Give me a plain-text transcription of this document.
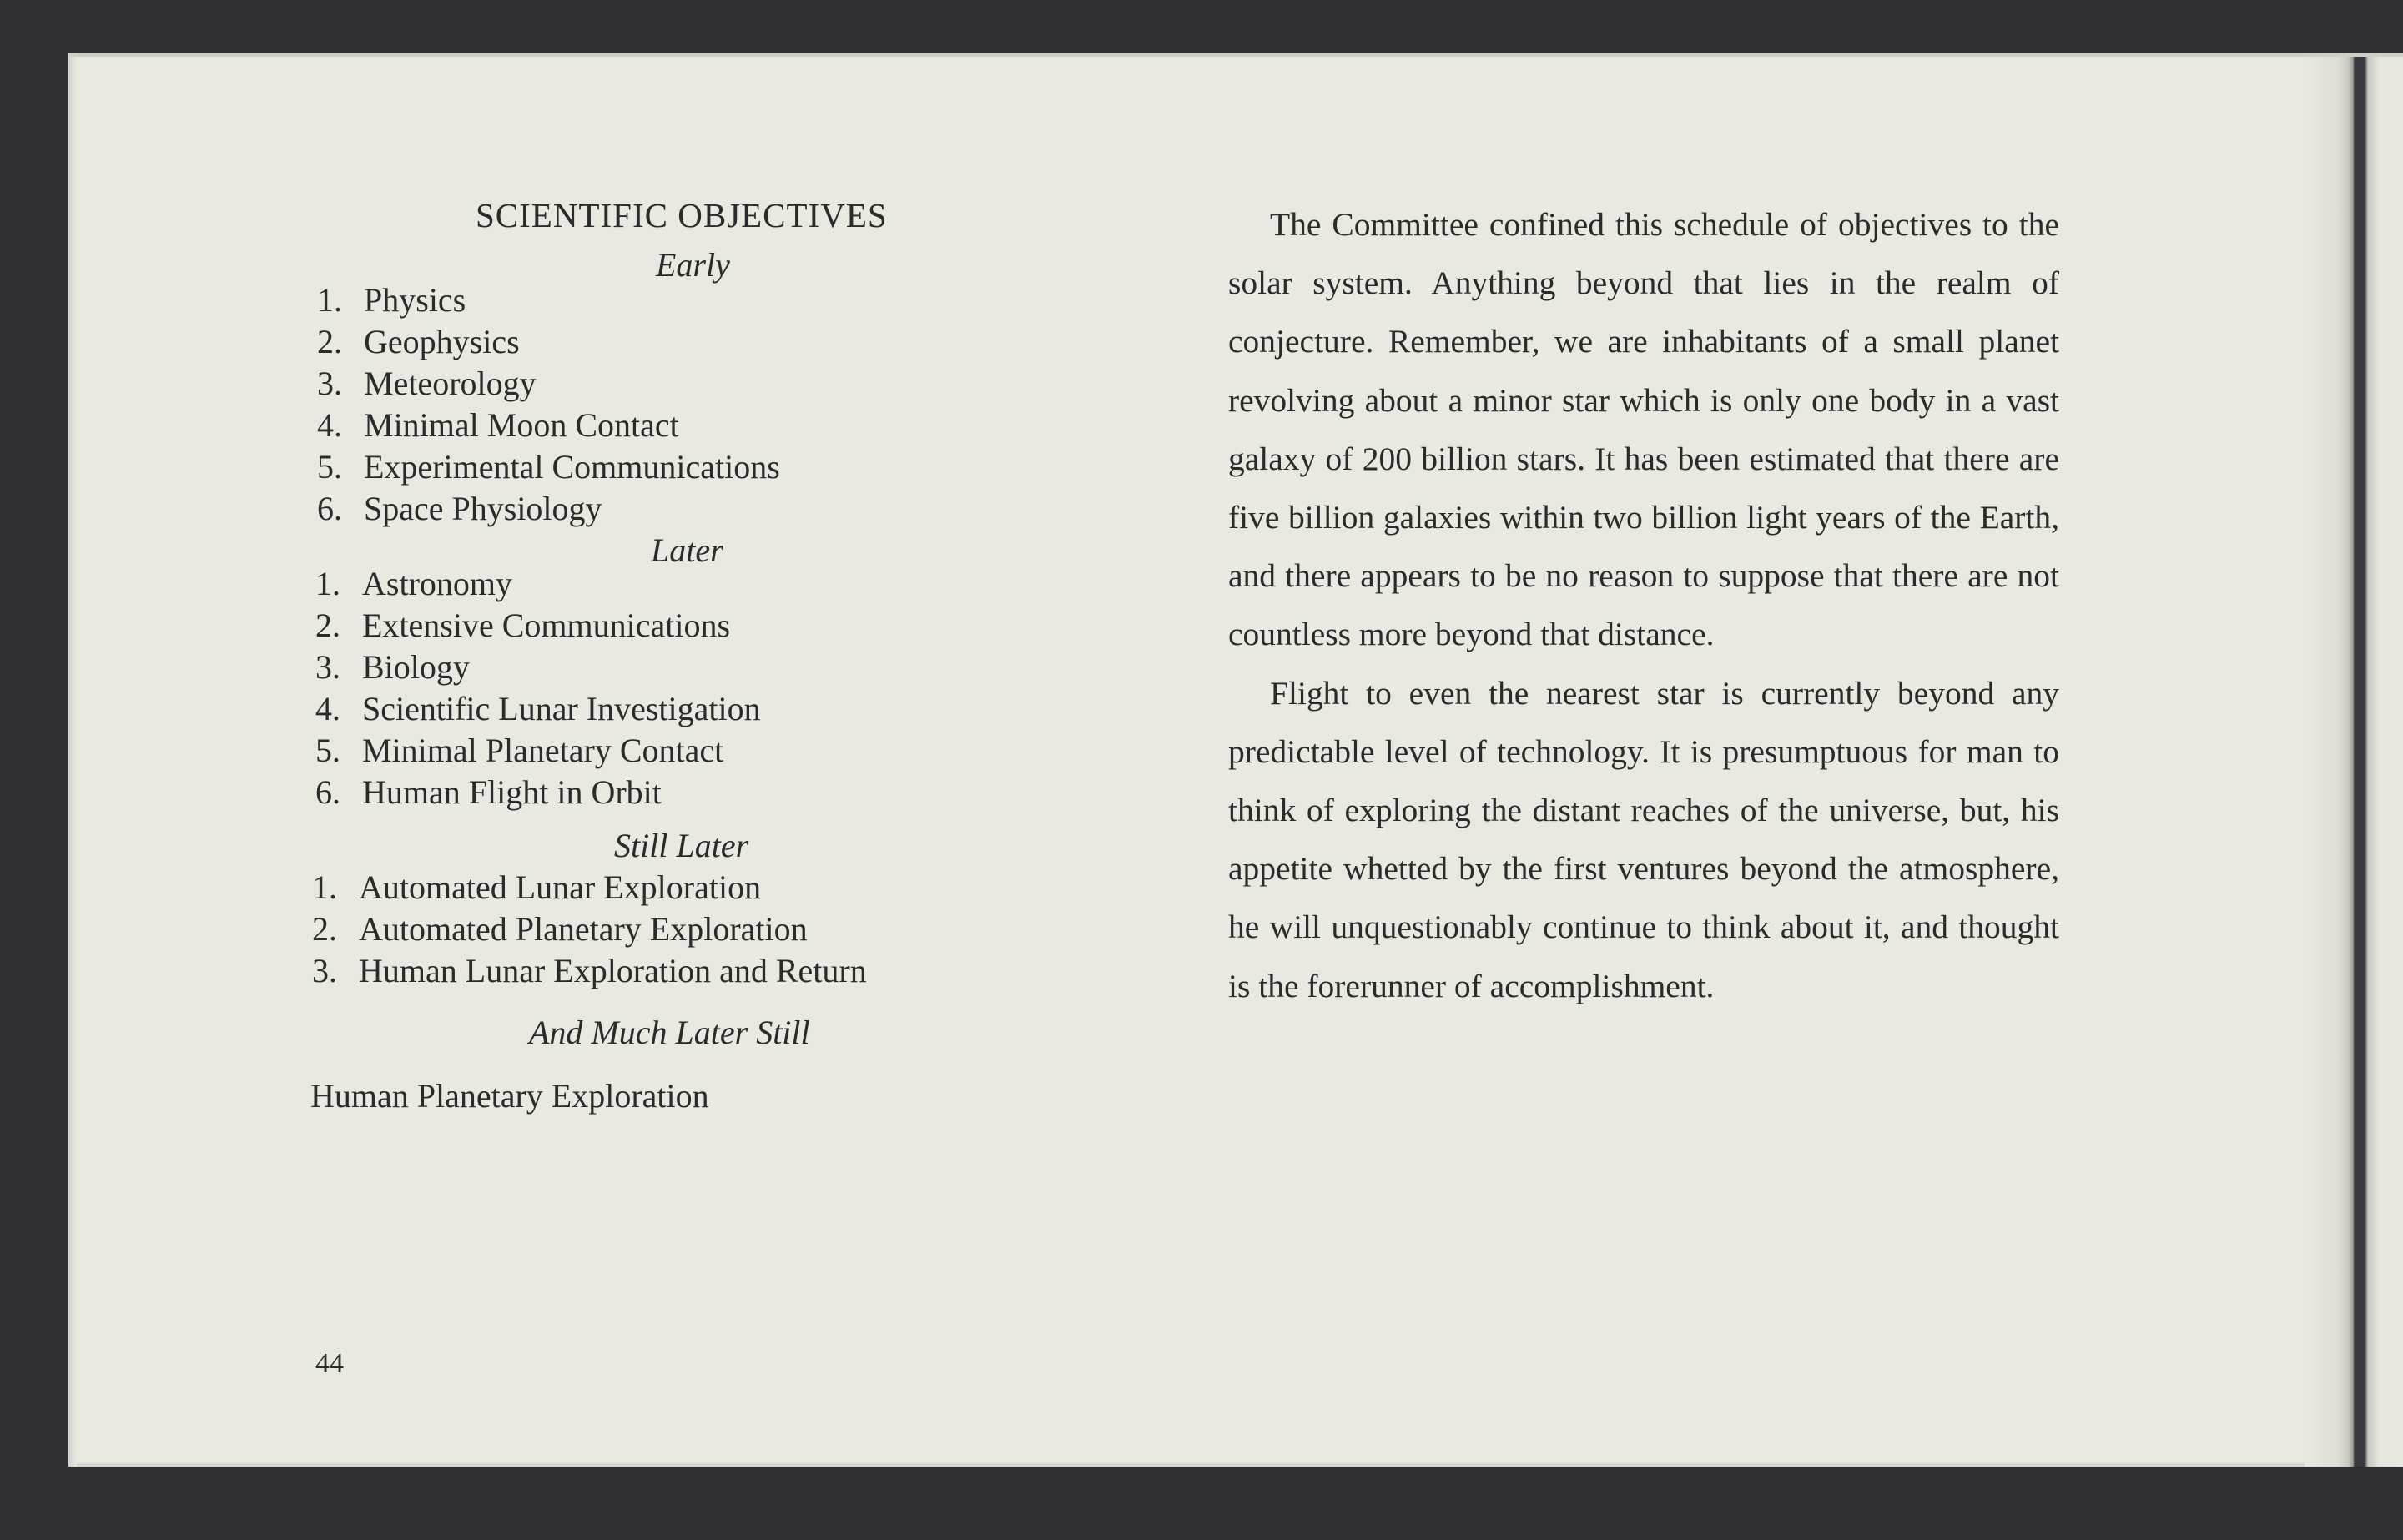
SCIENTIFIC OBJECTIVES
Early
1. Physics
2. Geophysics
3. Meteorology
4. Minimal Moon Contact
5. Experimental Communications
6. Space Physiology
Later
1. Astronomy
2. Extensive Communications
3. Biology
4. Scientific Lunar Investigation
5. Minimal Planetary Contact
6. Human Flight in Orbit
Still Later
1. Automated Lunar Exploration
2. Automated Planetary Exploration
3. Human Lunar Exploration and Return
And Much Later Still
Human Planetary Exploration
44

The Committee confined this schedule of objectives to the solar system. Anything beyond that lies in the realm of conjecture. Remember, we are inhabitants of a small planet revolving about a minor star which is only one body in a vast galaxy of 200 billion stars. It has been estimated that there are five billion galaxies within two billion light years of the Earth, and there appears to be no reason to suppose that there are not countless more beyond that distance.

Flight to even the nearest star is currently beyond any predictable level of technology. It is presumptuous for man to think of exploring the distant reaches of the universe, but, his appetite whetted by the first ventures beyond the atmosphere, he will unquestionably continue to think about it, and thought is the forerunner of accomplishment.
